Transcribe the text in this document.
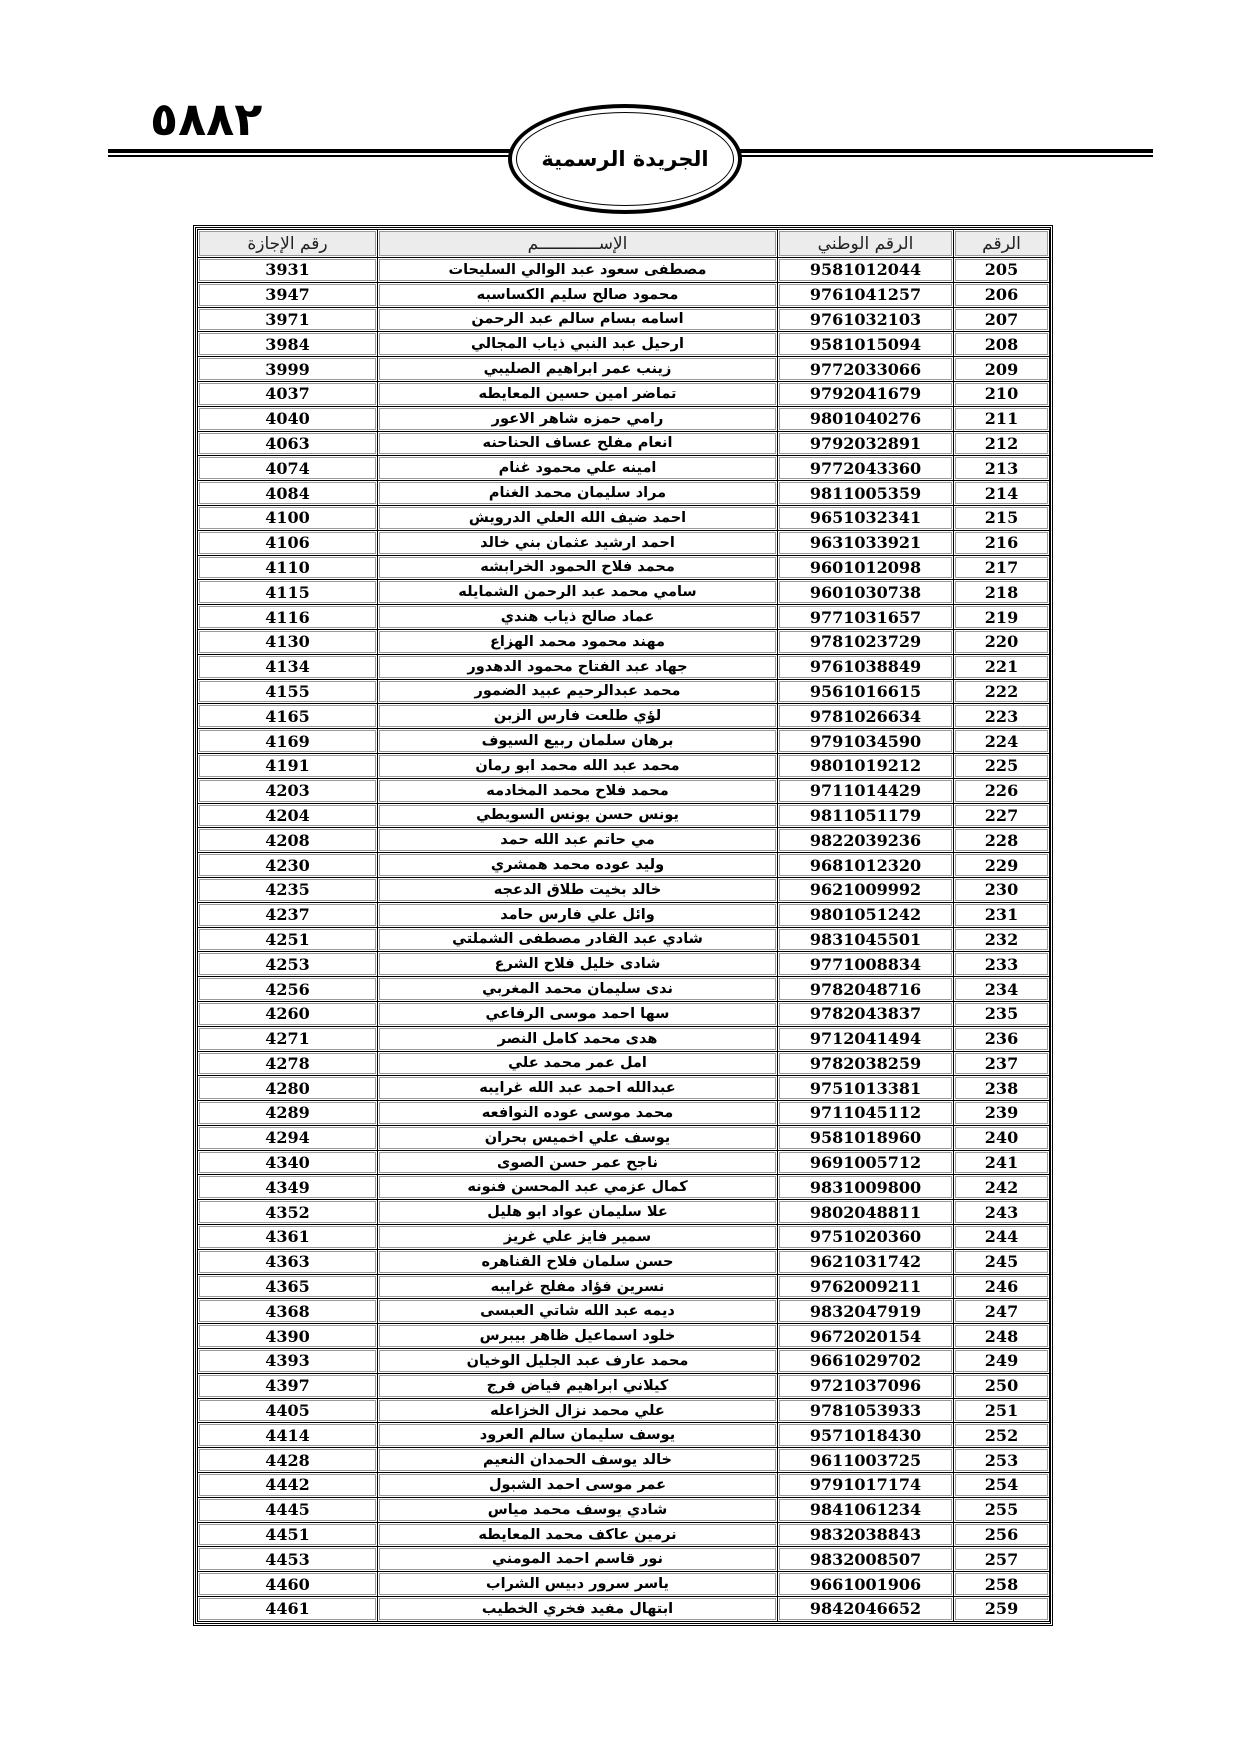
٥٨٨٢
الجريدة الرسمية
الرقم	الرقم الوطني	الإســــــــــــم	رقم الإجازة
205	9581012044	مصطفى سعود عبد الوالي السليحات	3931
206	9761041257	محمود صالح سليم الكساسبه	3947
207	9761032103	اسامه بسام سالم عبد الرحمن	3971
208	9581015094	ارحيل عبد النبي ذياب المجالي	3984
209	9772033066	زينب عمر ابراهيم الصليبي	3999
210	9792041679	تماضر امين حسين المعايطه	4037
211	9801040276	رامي حمزه شاهر الاعور	4040
212	9792032891	انعام مفلح عساف الحناحنه	4063
213	9772043360	امينه علي محمود غنام	4074
214	9811005359	مراد سليمان محمد الغنام	4084
215	9651032341	احمد ضيف الله العلي الدرويش	4100
216	9631033921	احمد ارشيد عثمان بني خالد	4106
217	9601012098	محمد فلاح الحمود الخرابشه	4110
218	9601030738	سامي محمد عبد الرحمن الشمايله	4115
219	9771031657	عماد صالح ذياب هندي	4116
220	9781023729	مهند محمود محمد الهزاع	4130
221	9761038849	جهاد عبد الفتاح محمود الدهدور	4134
222	9561016615	محمد عبدالرحيم عبيد الضمور	4155
223	9781026634	لؤي طلعت فارس الزبن	4165
224	9791034590	برهان سلمان ربيع السيوف	4169
225	9801019212	محمد عبد الله محمد ابو رمان	4191
226	9711014429	محمد فلاح محمد المخادمه	4203
227	9811051179	يونس حسن يونس السويطي	4204
228	9822039236	مي حاتم عبد الله حمد	4208
229	9681012320	وليد عوده محمد همشري	4230
230	9621009992	خالد بخيت طلاق الدعجه	4235
231	9801051242	وائل علي فارس حامد	4237
232	9831045501	شادي عبد القادر مصطفى الشملتي	4251
233	9771008834	شادى خليل فلاح الشرع	4253
234	9782048716	ندى سليمان محمد المغربي	4256
235	9782043837	سها احمد موسى الرفاعي	4260
236	9712041494	هدى محمد كامل النصر	4271
237	9782038259	امل عمر محمد علي	4278
238	9751013381	عبدالله احمد عبد الله غرايبه	4280
239	9711045112	محمد موسى عوده النوافعه	4289
240	9581018960	يوسف علي اخميس بحران	4294
241	9691005712	ناجح عمر حسن الصوى	4340
242	9831009800	كمال عزمي عبد المحسن فنونه	4349
243	9802048811	علا سليمان عواد ابو هليل	4352
244	9751020360	سمير فايز علي غريز	4361
245	9621031742	حسن سلمان فلاح القناهره	4363
246	9762009211	نسرين فؤاد مفلح غرايبه	4365
247	9832047919	ديمه عبد الله شاتي العبسى	4368
248	9672020154	خلود اسماعيل ظاهر بيبرس	4390
249	9661029702	محمد عارف عبد الجليل الوخيان	4393
250	9721037096	كيلاني ابراهيم فياض فرج	4397
251	9781053933	علي محمد نزال الخزاعله	4405
252	9571018430	يوسف سليمان سالم العرود	4414
253	9611003725	خالد يوسف الحمدان النعيم	4428
254	9791017174	عمر موسى احمد الشبول	4442
255	9841061234	شادي يوسف محمد مياس	4445
256	9832038843	نرمين عاكف محمد المعايطه	4451
257	9832008507	نور قاسم احمد المومني	4453
258	9661001906	ياسر سرور دبيس الشراب	4460
259	9842046652	ابتهال مفيد فخري الخطيب	4461
